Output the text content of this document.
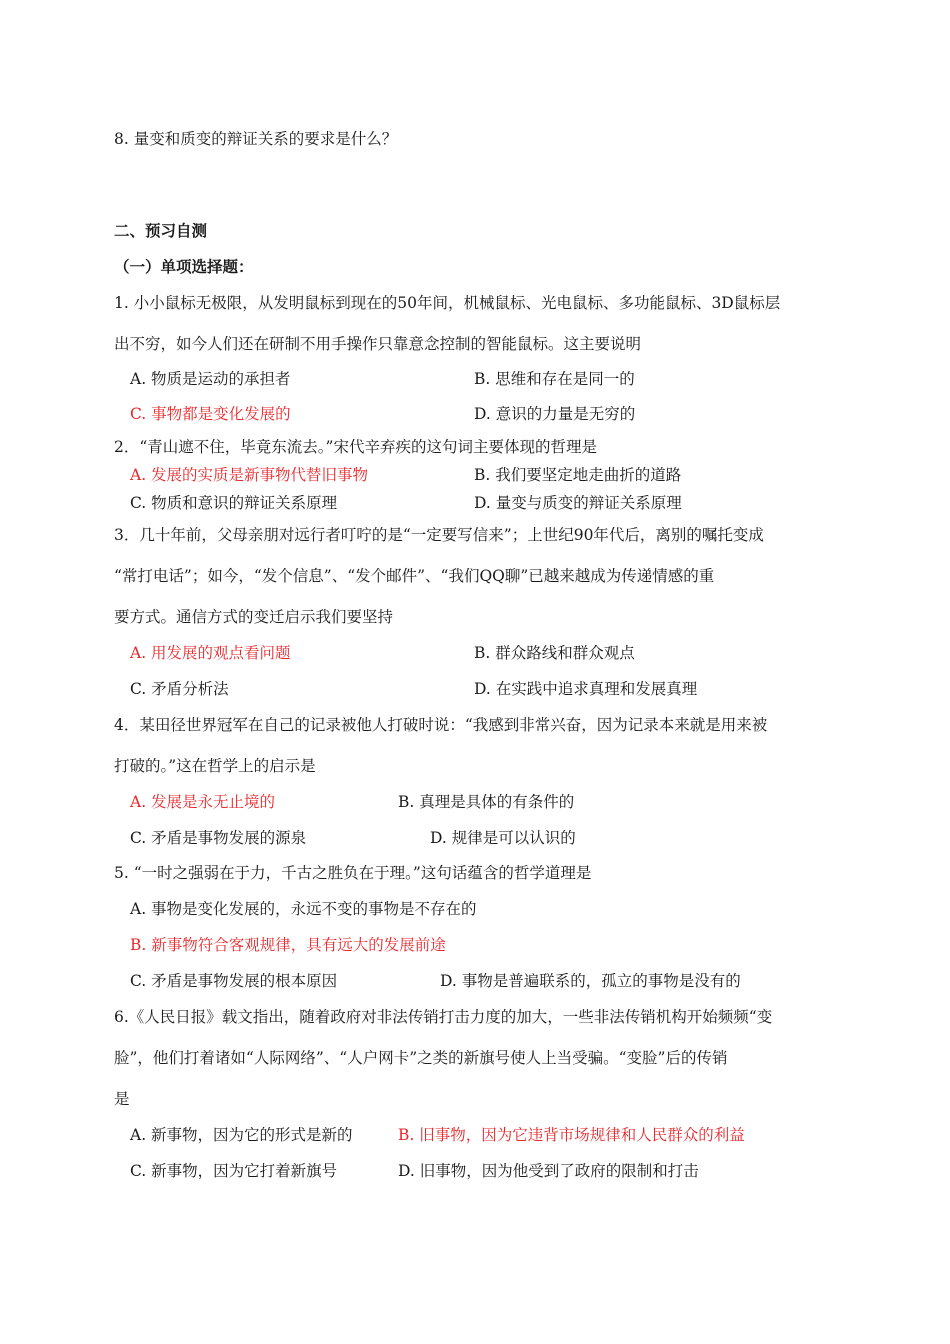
8. 量变和质变的辩证关系的要求是什么？
二、预习自测
（一）单项选择题：
1. 小小鼠标无极限，从发明鼠标到现在的50年间，机械鼠标、光电鼠标、多功能鼠标、3D鼠标层
出不穷，如今人们还在研制不用手操作只靠意念控制的智能鼠标。这主要说明
A. 物质是运动的承担者	B. 思维和存在是同一的
C. 事物都是变化发展的	D. 意识的力量是无穷的
2．“青山遮不住，毕竟东流去。”宋代辛弃疾的这句词主要体现的哲理是
A. 发展的实质是新事物代替旧事物	B. 我们要坚定地走曲折的道路
C. 物质和意识的辩证关系原理	D. 量变与质变的辩证关系原理
3．几十年前，父母亲朋对远行者叮咛的是“一定要写信来”；上世纪90年代后，离别的嘱托变成
“常打电话”；如今，“发个信息”、“发个邮件”、“我们QQ聊”已越来越成为传递情感的重
要方式。通信方式的变迁启示我们要坚持
A. 用发展的观点看问题	B. 群众路线和群众观点
C. 矛盾分析法	D. 在实践中追求真理和发展真理
4．某田径世界冠军在自己的记录被他人打破时说：“我感到非常兴奋，因为记录本来就是用来被
打破的。”这在哲学上的启示是
A. 发展是永无止境的	B. 真理是具体的有条件的
C. 矛盾是事物发展的源泉	D. 规律是可以认识的
5. “一时之强弱在于力，千古之胜负在于理。”这句话蕴含的哲学道理是
A. 事物是变化发展的，永远不变的事物是不存在的
B. 新事物符合客观规律，具有远大的发展前途
C. 矛盾是事物发展的根本原因	D. 事物是普遍联系的，孤立的事物是没有的
6.《人民日报》载文指出，随着政府对非法传销打击力度的加大，一些非法传销机构开始频频“变
脸”，他们打着诸如“人际网络”、“人户网卡”之类的新旗号使人上当受骗。“变脸”后的传销
是
A. 新事物，因为它的形式是新的	B. 旧事物，因为它违背市场规律和人民群众的利益
C. 新事物，因为它打着新旗号	D. 旧事物，因为他受到了政府的限制和打击
